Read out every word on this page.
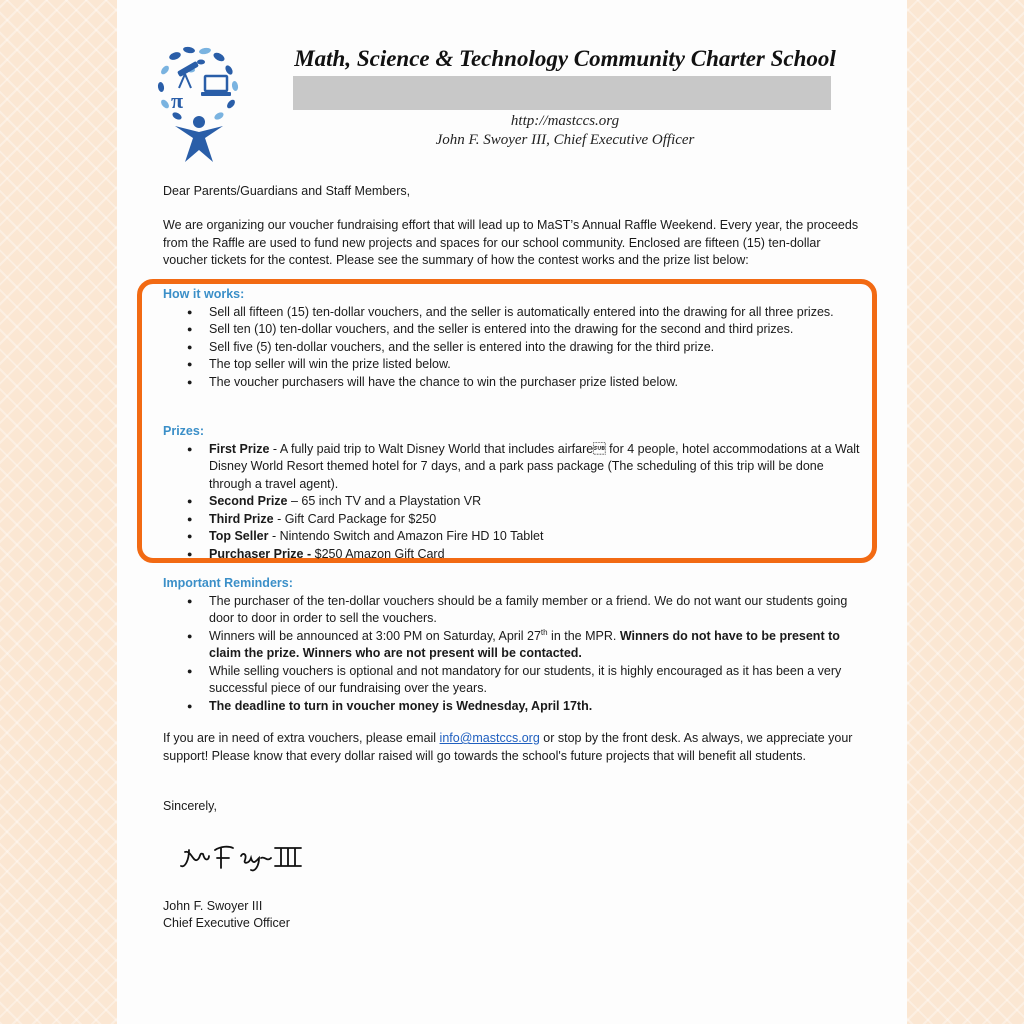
π
Math, Science & Technology Community Charter School
http://mastccs.org
John F. Swoyer III, Chief Executive Officer
Dear Parents/Guardians and Staff Members,
We are organizing our voucher fundraising effort that will lead up to MaST’s Annual Raffle Weekend. Every year, the proceeds from the Raffle are used to fund new projects and spaces for our school community. Enclosed are fifteen (15) ten-dollar voucher tickets for the contest. Please see the summary of how the contest works and the prize list below:
How it works:
● Sell all fifteen (15) ten-dollar vouchers, and the seller is automatically entered into the drawing for all three prizes.
● Sell ten (10) ten-dollar vouchers, and the seller is entered into the drawing for the second and third prizes.
● Sell five (5) ten-dollar vouchers, and the seller is entered into the drawing for the third prize.
● The top seller will win the prize listed below.
● The voucher purchasers will have the chance to win the purchaser prize listed below.
Prizes:
● First Prize - A fully paid trip to Walt Disney World that includes airfare for 4 people, hotel accommodations at a Walt Disney World Resort themed hotel for 7 days, and a park pass package (The scheduling of this trip will be done through a travel agent).
● Second Prize – 65 inch TV and a Playstation VR
● Third Prize - Gift Card Package for $250
● Top Seller - Nintendo Switch and Amazon Fire HD 10 Tablet
● Purchaser Prize - $250 Amazon Gift Card
Important Reminders:
● The purchaser of the ten-dollar vouchers should be a family member or a friend. We do not want our students going door to door in order to sell the vouchers.
● Winners will be announced at 3:00 PM on Saturday, April 27th in the MPR. Winners do not have to be present to claim the prize. Winners who are not present will be contacted.
● While selling vouchers is optional and not mandatory for our students, it is highly encouraged as it has been a very successful piece of our fundraising over the years.
● The deadline to turn in voucher money is Wednesday, April 17th.
If you are in need of extra vouchers, please email info@mastccs.org or stop by the front desk. As always, we appreciate your support! Please know that every dollar raised will go towards the school's future projects that will benefit all students.
Sincerely,
John F. Swoyer III
Chief Executive Officer
